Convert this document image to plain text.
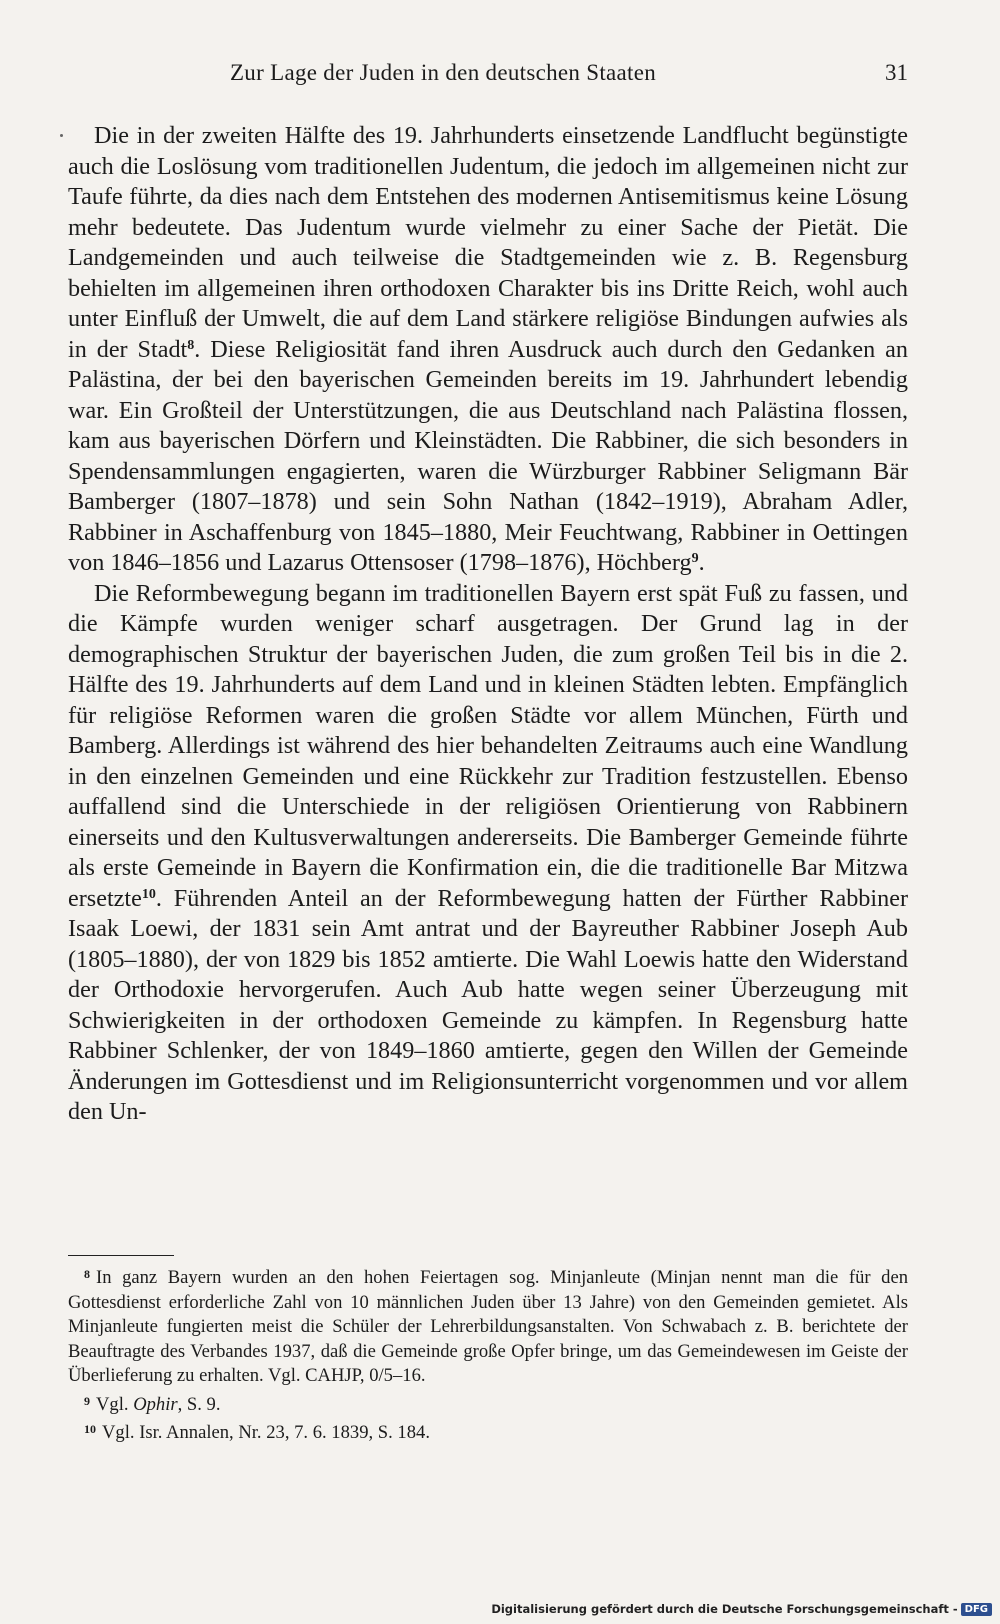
Zur Lage der Juden in den deutschen Staaten	31

Die in der zweiten Hälfte des 19. Jahrhunderts einsetzende Landflucht begünstigte auch die Loslösung vom traditionellen Judentum, die jedoch im allgemeinen nicht zur Taufe führte, da dies nach dem Entstehen des modernen Antisemitismus keine Lösung mehr bedeutete. Das Judentum wurde vielmehr zu einer Sache der Pietät. Die Landgemeinden und auch teilweise die Stadtgemeinden wie z. B. Regensburg behielten im allgemeinen ihren orthodoxen Charakter bis ins Dritte Reich, wohl auch unter Einfluß der Umwelt, die auf dem Land stärkere religiöse Bindungen aufwies als in der Stadt$^8$. Diese Religiosität fand ihren Ausdruck auch durch den Gedanken an Palästina, der bei den bayerischen Gemeinden bereits im 19. Jahrhundert lebendig war. Ein Großteil der Unterstützungen, die aus Deutschland nach Palästina flossen, kam aus bayerischen Dörfern und Kleinstädten. Die Rabbiner, die sich besonders in Spendensammlungen engagierten, waren die Würzburger Rabbiner Seligmann Bär Bamberger (1807–1878) und sein Sohn Nathan (1842–1919), Abraham Adler, Rabbiner in Aschaffenburg von 1845–1880, Meir Feuchtwang, Rabbiner in Oettingen von 1846–1856 und Lazarus Ottensoser (1798–1876), Höchberg$^9$.

Die Reformbewegung begann im traditionellen Bayern erst spät Fuß zu fassen, und die Kämpfe wurden weniger scharf ausgetragen. Der Grund lag in der demographischen Struktur der bayerischen Juden, die zum großen Teil bis in die 2. Hälfte des 19. Jahrhunderts auf dem Land und in kleinen Städten lebten. Empfänglich für religiöse Reformen waren die großen Städte vor allem München, Fürth und Bamberg. Allerdings ist während des hier behandelten Zeitraums auch eine Wandlung in den einzelnen Gemeinden und eine Rückkehr zur Tradition festzustellen. Ebenso auffallend sind die Unterschiede in der religiösen Orientierung von Rabbinern einerseits und den Kultusverwaltungen andererseits. Die Bamberger Gemeinde führte als erste Gemeinde in Bayern die Konfirmation ein, die die traditionelle Bar Mitzwa ersetzte$^{10}$. Führenden Anteil an der Reformbewegung hatten der Fürther Rabbiner Isaak Loewi, der 1831 sein Amt antrat und der Bayreuther Rabbiner Joseph Aub (1805–1880), der von 1829 bis 1852 amtierte. Die Wahl Loewis hatte den Widerstand der Orthodoxie hervorgerufen. Auch Aub hatte wegen seiner Überzeugung mit Schwierigkeiten in der orthodoxen Gemeinde zu kämpfen. In Regensburg hatte Rabbiner Schlenker, der von 1849–1860 amtierte, gegen den Willen der Gemeinde Änderungen im Gottesdienst und im Religionsunterricht vorgenommen und vor allem den Un-

$^8$ In ganz Bayern wurden an den hohen Feiertagen sog. Minjanleute (Minjan nennt man die für den Gottesdienst erforderliche Zahl von 10 männlichen Juden über 13 Jahre) von den Gemeinden gemietet. Als Minjanleute fungierten meist die Schüler der Lehrerbildungsanstalten. Von Schwabach z. B. berichtete der Beauftragte des Verbandes 1937, daß die Gemeinde große Opfer bringe, um das Gemeindewesen im Geiste der Überlieferung zu erhalten. Vgl. CAHJP, 0/5–16.

$^9$ Vgl. Ophir, S. 9.

$^{10}$ Vgl. Isr. Annalen, Nr. 23, 7. 6. 1839, S. 184.

Digitalisierung gefördert durch die Deutsche Forschungsgemeinschaft - DFG
